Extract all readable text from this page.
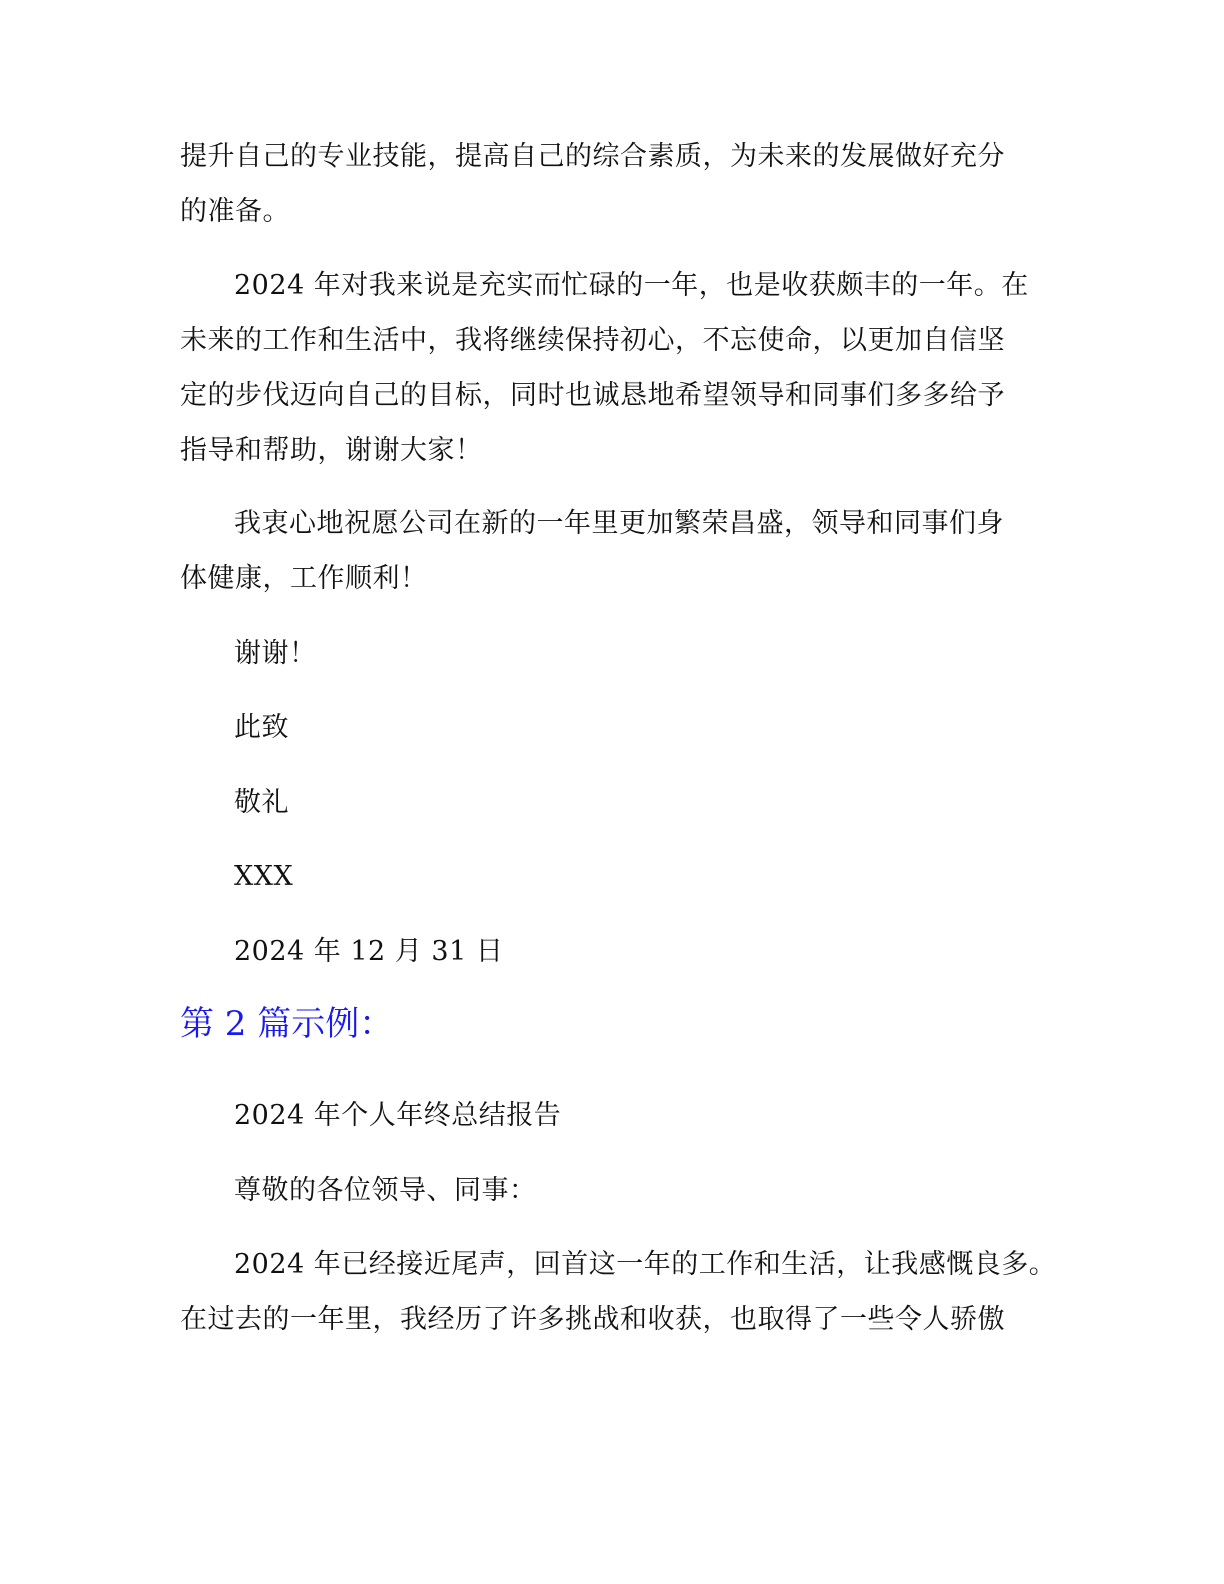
提升自己的专业技能，提高自己的综合素质，为未来的发展做好充分
的准备。
2024 年对我来说是充实而忙碌的一年，也是收获颇丰的一年。在
未来的工作和生活中，我将继续保持初心，不忘使命，以更加自信坚
定的步伐迈向自己的目标，同时也诚恳地希望领导和同事们多多给予
指导和帮助，谢谢大家！
我衷心地祝愿公司在新的一年里更加繁荣昌盛，领导和同事们身
体健康，工作顺利！
谢谢！
此致
敬礼
XXX
2024 年 12 月 31 日
第 2 篇示例：
2024 年个人年终总结报告
尊敬的各位领导、同事：
2024 年已经接近尾声，回首这一年的工作和生活，让我感慨良多。
在过去的一年里，我经历了许多挑战和收获，也取得了一些令人骄傲
